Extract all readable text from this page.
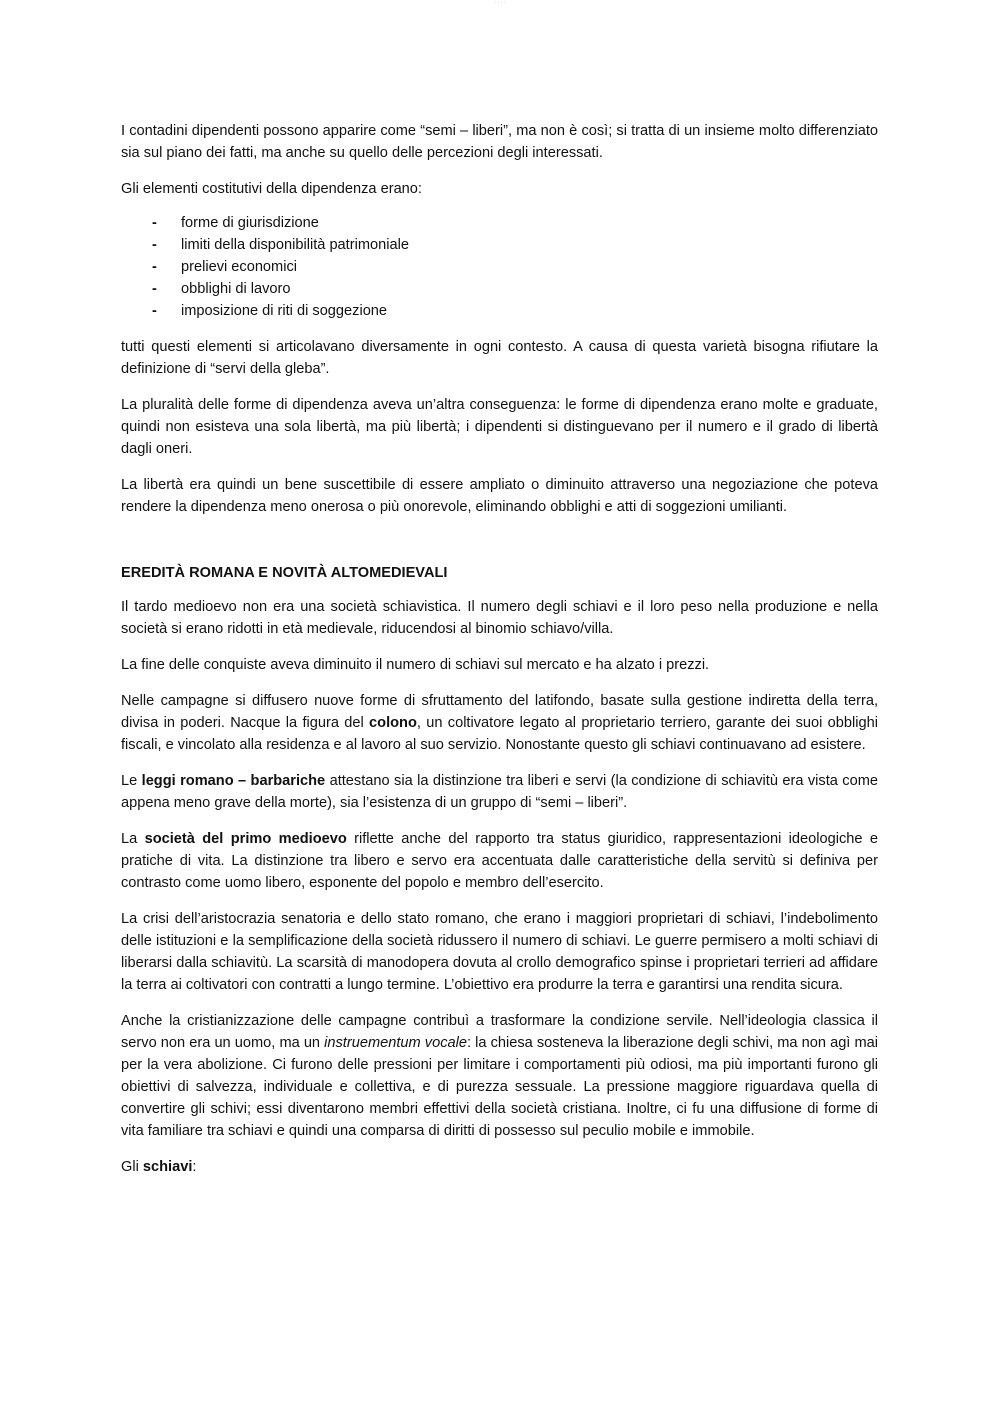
· · · ·

I contadini dipendenti possono apparire come “semi – liberi”, ma non è così; si tratta di un insieme molto differenziato sia sul piano dei fatti, ma anche su quello delle percezioni degli interessati.

Gli elementi costitutivi della dipendenza erano:

- forme di giurisdizione
- limiti della disponibilità patrimoniale
- prelievi economici
- obblighi di lavoro
- imposizione di riti di soggezione

tutti questi elementi si articolavano diversamente in ogni contesto. A causa di questa varietà bisogna rifiutare la definizione di “servi della gleba”.

La pluralità delle forme di dipendenza aveva un’altra conseguenza: le forme di dipendenza erano molte e graduate, quindi non esisteva una sola libertà, ma più libertà; i dipendenti si distinguevano per il numero e il grado di libertà dagli oneri.

La libertà era quindi un bene suscettibile di essere ampliato o diminuito attraverso una negoziazione che poteva rendere la dipendenza meno onerosa o più onorevole, eliminando obblighi e atti di soggezioni umilianti.

EREDITÀ ROMANA E NOVITÀ ALTOMEDIEVALI

Il tardo medioevo non era una società schiavistica. Il numero degli schiavi e il loro peso nella produzione e nella società si erano ridotti in età medievale, riducendosi al binomio schiavo/villa.

La fine delle conquiste aveva diminuito il numero di schiavi sul mercato e ha alzato i prezzi.

Nelle campagne si diffusero nuove forme di sfruttamento del latifondo, basate sulla gestione indiretta della terra, divisa in poderi. Nacque la figura del colono, un coltivatore legato al proprietario terriero, garante dei suoi obblighi fiscali, e vincolato alla residenza e al lavoro al suo servizio. Nonostante questo gli schiavi continuavano ad esistere.

Le leggi romano – barbariche attestano sia la distinzione tra liberi e servi (la condizione di schiavitù era vista come appena meno grave della morte), sia l’esistenza di un gruppo di “semi – liberi”.

La società del primo medioevo riflette anche del rapporto tra status giuridico, rappresentazioni ideologiche e pratiche di vita. La distinzione tra libero e servo era accentuata dalle caratteristiche della servitù si definiva per contrasto come uomo libero, esponente del popolo e membro dell’esercito.

La crisi dell’aristocrazia senatoria e dello stato romano, che erano i maggiori proprietari di schiavi, l’indebolimento delle istituzioni e la semplificazione della società ridussero il numero di schiavi. Le guerre permisero a molti schiavi di liberarsi dalla schiavitù. La scarsità di manodopera dovuta al crollo demografico spinse i proprietari terrieri ad affidare la terra ai coltivatori con contratti a lungo termine. L’obiettivo era produrre la terra e garantirsi una rendita sicura.

Anche la cristianizzazione delle campagne contribuì a trasformare la condizione servile. Nell’ideologia classica il servo non era un uomo, ma un instruementum vocale: la chiesa sosteneva la liberazione degli schivi, ma non agì mai per la vera abolizione. Ci furono delle pressioni per limitare i comportamenti più odiosi, ma più importanti furono gli obiettivi di salvezza, individuale e collettiva, e di purezza sessuale. La pressione maggiore riguardava quella di convertire gli schivi; essi diventarono membri effettivi della società cristiana. Inoltre, ci fu una diffusione di forme di vita familiare tra schiavi e quindi una comparsa di diritti di possesso sul peculio mobile e immobile.

Gli schiavi:
